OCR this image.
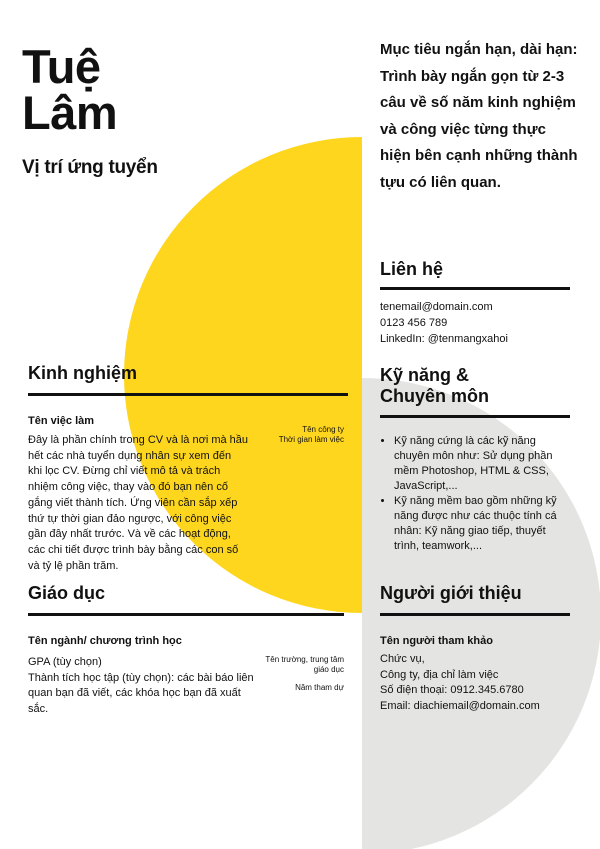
Tuệ
Lâm
Vị trí ứng tuyển
Mục tiêu ngắn hạn, dài hạn: Trình bày ngắn gọn từ 2-3 câu về số năm kinh nghiệm và công việc từng thực hiện bên cạnh những thành tựu có liên quan.
Liên hệ
tenemail@domain.com
0123 456 789
LinkedIn: @tenmangxahoi
Kinh nghiệm
Tên việc làm
Tên công ty
Thời gian làm việc
Đây là phần chính trong CV và là nơi mà hầu hết các nhà tuyển dụng nhân sự xem đến khi lọc CV. Đừng chỉ viết mô tả và trách nhiệm công việc, thay vào đó bạn nên cố gắng viết thành tích. Ứng viên cần sắp xếp thứ tự thời gian đảo ngược, với công việc gần đây nhất trước. Và về các hoạt động, các chi tiết được trình bày bằng các con số và tỷ lệ phần trăm.
Kỹ năng &
Chuyên môn
• Kỹ năng cứng là các kỹ năng chuyên môn như: Sử dụng phần mềm Photoshop, HTML & CSS, JavaScript,...
• Kỹ năng mềm bao gồm những kỹ năng được như các thuộc tính cá nhân: Kỹ năng giao tiếp, thuyết trình, teamwork,...
Giáo dục
Tên ngành/ chương trình học
Tên trường, trung tâm giáo dục
Năm tham dự
GPA (tùy chọn)
Thành tích học tập (tùy chọn): các bài báo liên quan bạn đã viết, các khóa học bạn đã xuất sắc.
Người giới thiệu
Tên người tham khảo
Chức vụ,
Công ty, địa chỉ làm việc
Số điện thoại: 0912.345.6780
Email: diachiemail@domain.com
